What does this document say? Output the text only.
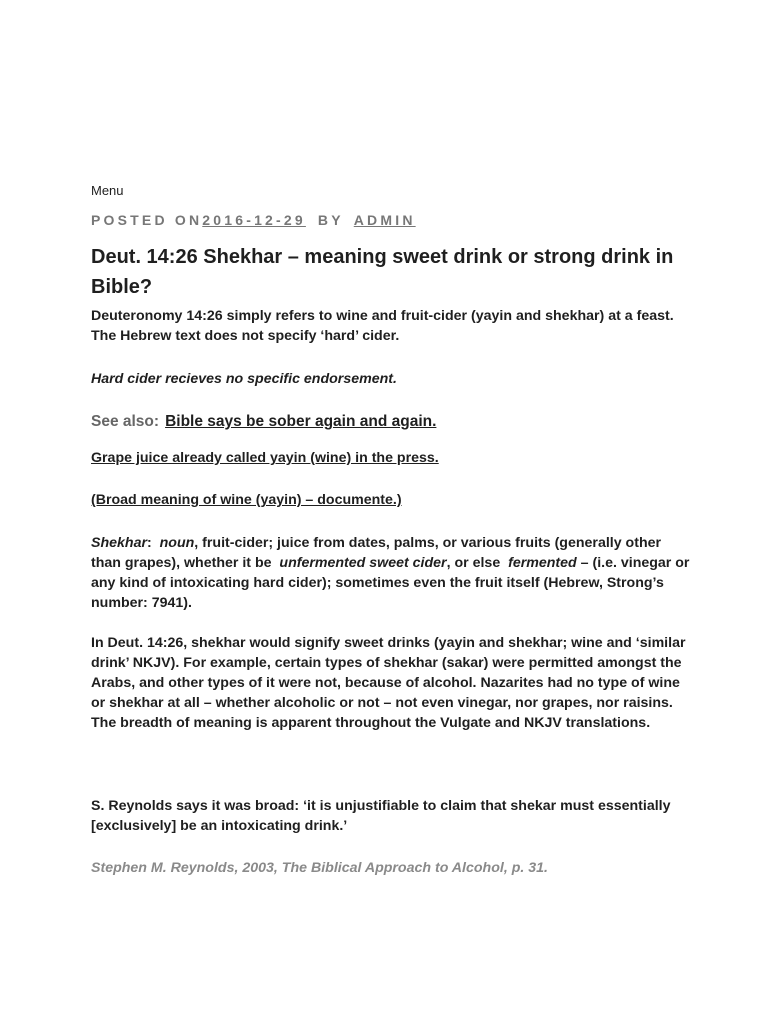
Menu
POSTED ON2016-12-29 BY ADMIN
Deut. 14:26 Shekhar – meaning sweet drink or strong drink in Bible?

Deuteronomy 14:26 simply refers to wine and fruit-cider (yayin and shekhar) at a feast. The Hebrew text does not specify ‘hard’ cider.

Hard cider recieves no specific endorsement.

See also: Bible says be sober again and again.

Grape juice already called yayin (wine) in the press.

(Broad meaning of wine (yayin) – documente.)

Shekhar: noun, fruit-cider; juice from dates, palms, or various fruits (generally other than grapes), whether it be  unfermented sweet cider, or else  fermented – (i.e. vinegar or any kind of intoxicating hard cider); sometimes even the fruit itself (Hebrew, Strong’s number: 7941).

In Deut. 14:26, shekhar would signify sweet drinks (yayin and shekhar; wine and ‘similar drink’ NKJV). For example, certain types of shekhar (sakar) were permitted amongst the Arabs, and other types of it were not, because of alcohol. Nazarites had no type of wine or shekhar at all – whether alcoholic or not – not even vinegar, nor grapes, nor raisins. The breadth of meaning is apparent throughout the Vulgate and NKJV translations.

S. Reynolds says it was broad: ‘it is unjustifiable to claim that shekar must essentially [exclusively] be an intoxicating drink.’

Stephen M. Reynolds, 2003, The Biblical Approach to Alcohol, p. 31.
